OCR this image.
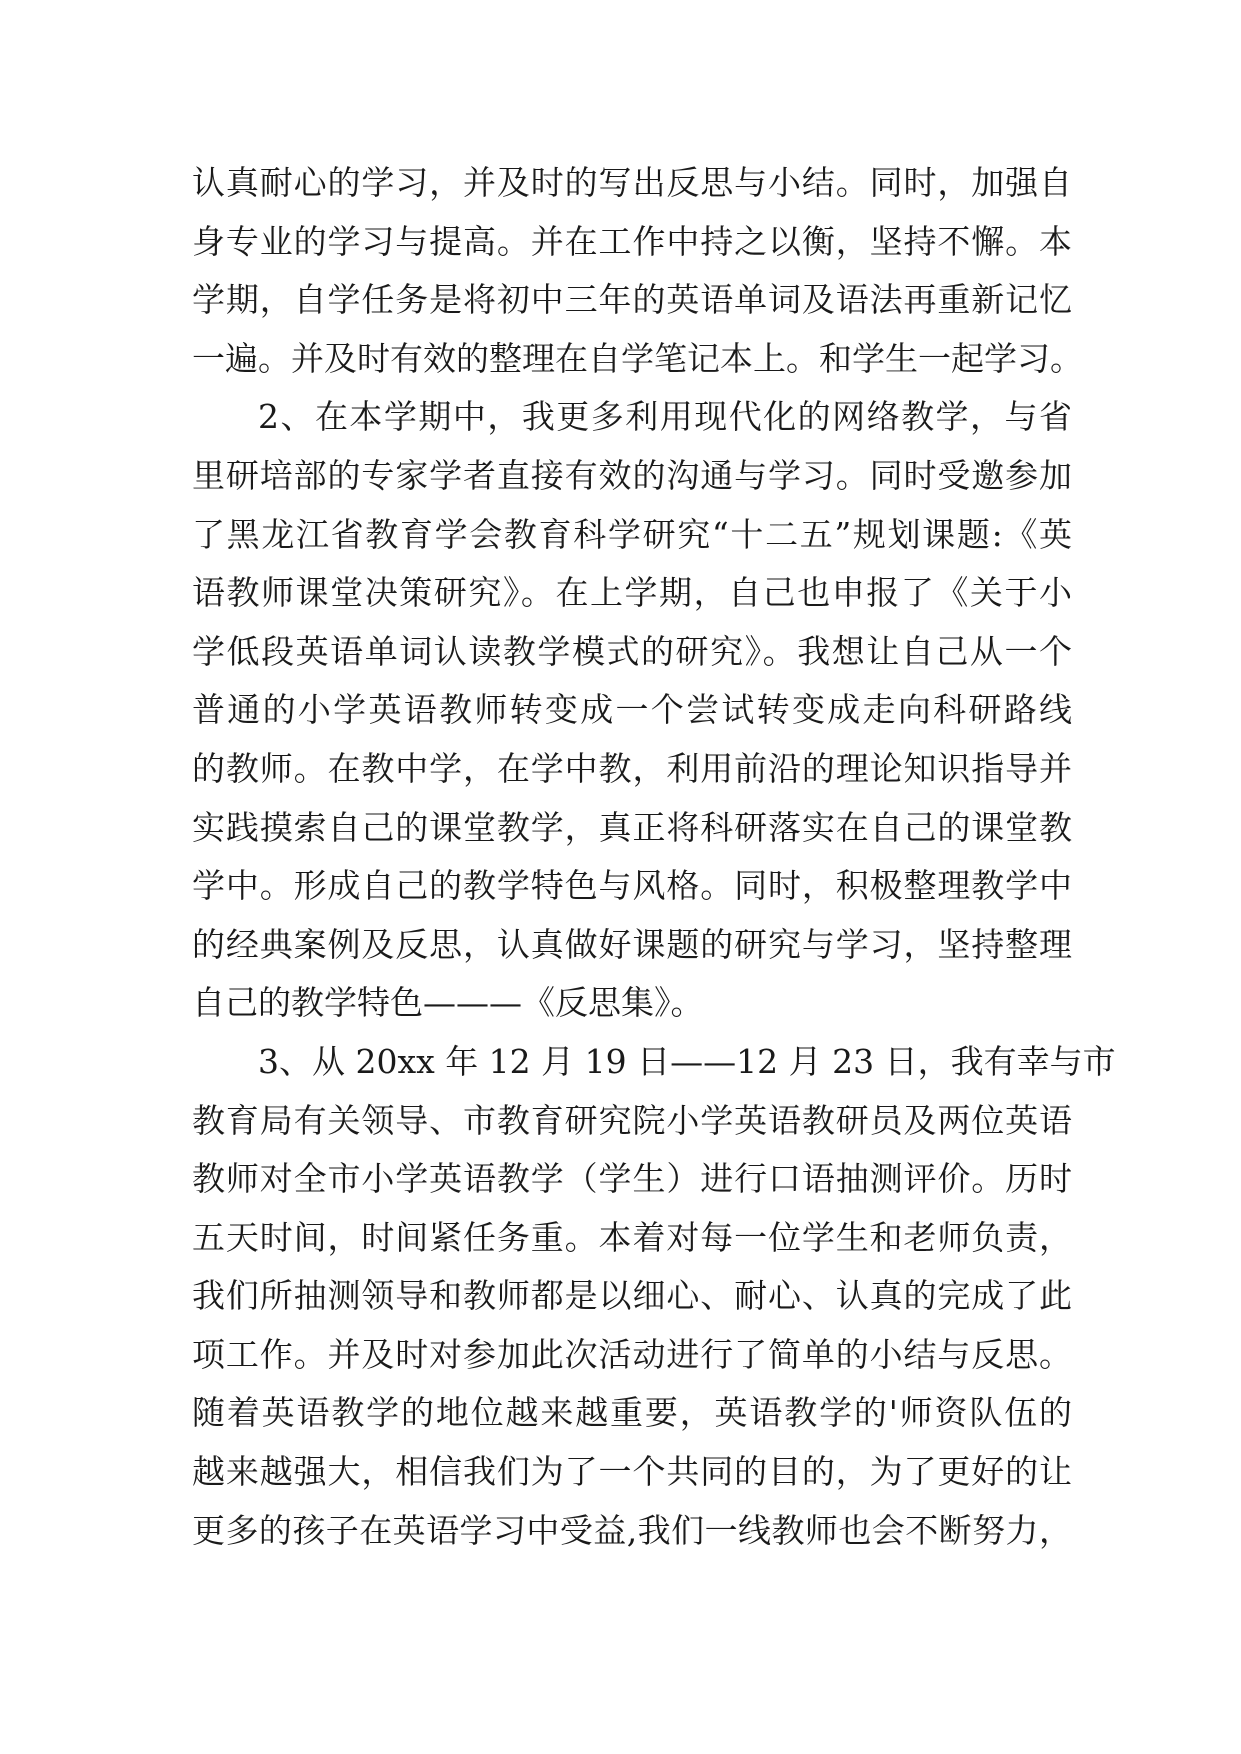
认真耐心的学习，并及时的写出反思与小结。同时，加强自
身专业的学习与提高。并在工作中持之以衡，坚持不懈。本
学期，自学任务是将初中三年的英语单词及语法再重新记忆
一遍。并及时有效的整理在自学笔记本上。和学生一起学习。
2、在本学期中，我更多利用现代化的网络教学，与省
里研培部的专家学者直接有效的沟通与学习。同时受邀参加
了黑龙江省教育学会教育科学研究“十二五”规划课题:《英
语教师课堂决策研究》。在上学期，自己也申报了《关于小
学低段英语单词认读教学模式的研究》。我想让自己从一个
普通的小学英语教师转变成一个尝试转变成走向科研路线
的教师。在教中学，在学中教，利用前沿的理论知识指导并
实践摸索自己的课堂教学，真正将科研落实在自己的课堂教
学中。形成自己的教学特色与风格。同时，积极整理教学中
的经典案例及反思，认真做好课题的研究与学习，坚持整理
自己的教学特色———《反思集》。
3、从 20xx 年 12 月 19 日——12 月 23 日，我有幸与市
教育局有关领导、市教育研究院小学英语教研员及两位英语
教师对全市小学英语教学（学生）进行口语抽测评价。历时
五天时间，时间紧任务重。本着对每一位学生和老师负责，
我们所抽测领导和教师都是以细心、耐心、认真的完成了此
项工作。并及时对参加此次活动进行了简单的小结与反思。
随着英语教学的地位越来越重要，英语教学的'师资队伍的
越来越强大，相信我们为了一个共同的目的，为了更好的让
更多的孩子在英语学习中受益,我们一线教师也会不断努力，
